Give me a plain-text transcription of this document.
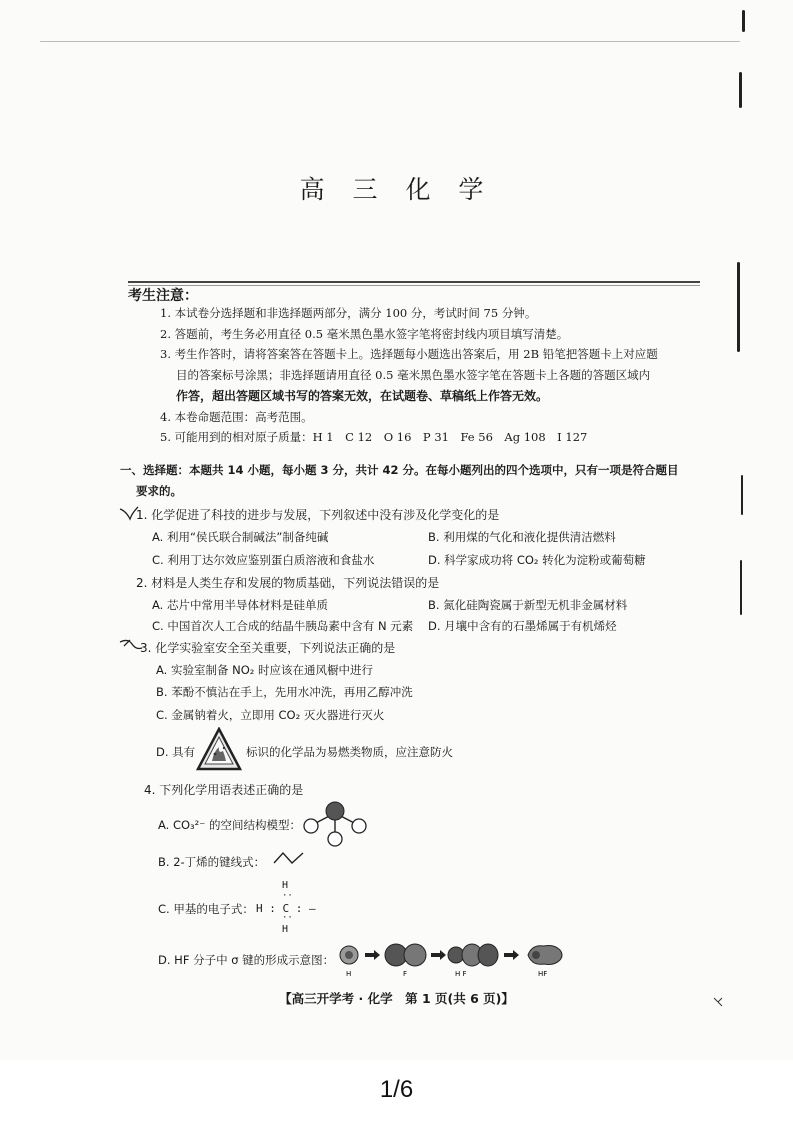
高 三 化 学
考生注意：
1. 本试卷分选择题和非选择题两部分，满分 100 分，考试时间 75 分钟。
2. 答题前，考生务必用直径 0.5 毫米黑色墨水签字笔将密封线内项目填写清楚。
3. 考生作答时，请将答案答在答题卡上。选择题每小题选出答案后，用 2B 铅笔把答题卡上对应题
目的答案标号涂黑；非选择题请用直径 0.5 毫米黑色墨水签字笔在答题卡上各题的答题区域内
作答，超出答题区域书写的答案无效，在试题卷、草稿纸上作答无效。
4. 本卷命题范围：高考范围。
5. 可能用到的相对原子质量：H 1　C 12　O 16　P 31　Fe 56　Ag 108　I 127
一、选择题：本题共 14 小题，每小题 3 分，共计 42 分。在每小题列出的四个选项中，只有一项是符合题目
要求的。
1. 化学促进了科技的进步与发展，下列叙述中没有涉及化学变化的是
A. 利用“侯氏联合制碱法”制备纯碱	B. 利用煤的气化和液化提供清洁燃料
C. 利用丁达尔效应鉴别蛋白质溶液和食盐水	D. 科学家成功将 CO₂ 转化为淀粉或葡萄糖
2. 材料是人类生存和发展的物质基础，下列说法错误的是
A. 芯片中常用半导体材料是硅单质	B. 氮化硅陶瓷属于新型无机非金属材料
C. 中国首次人工合成的结晶牛胰岛素中含有 N 元素 D. 月壤中含有的石墨烯属于有机烯烃
3. 化学实验室安全至关重要，下列说法正确的是
A. 实验室制备 NO₂ 时应该在通风橱中进行
B. 苯酚不慎沾在手上，先用水冲洗，再用乙醇冲洗
C. 金属钠着火，立即用 CO₂ 灭火器进行灭火
D. 具有	标识的化学品为易燃类物质，应注意防火
4. 下列化学用语表述正确的是
A. CO₃²⁻ 的空间结构模型：
B. 2-丁烯的键线式：
C. 甲基的电子式：
H
··
H : C : —
··
H
D. HF 分子中 σ 键的形成示意图：
H	F	H F	HF
【高三开学考 · 化学　第 1 页(共 6 页)】
1/6
